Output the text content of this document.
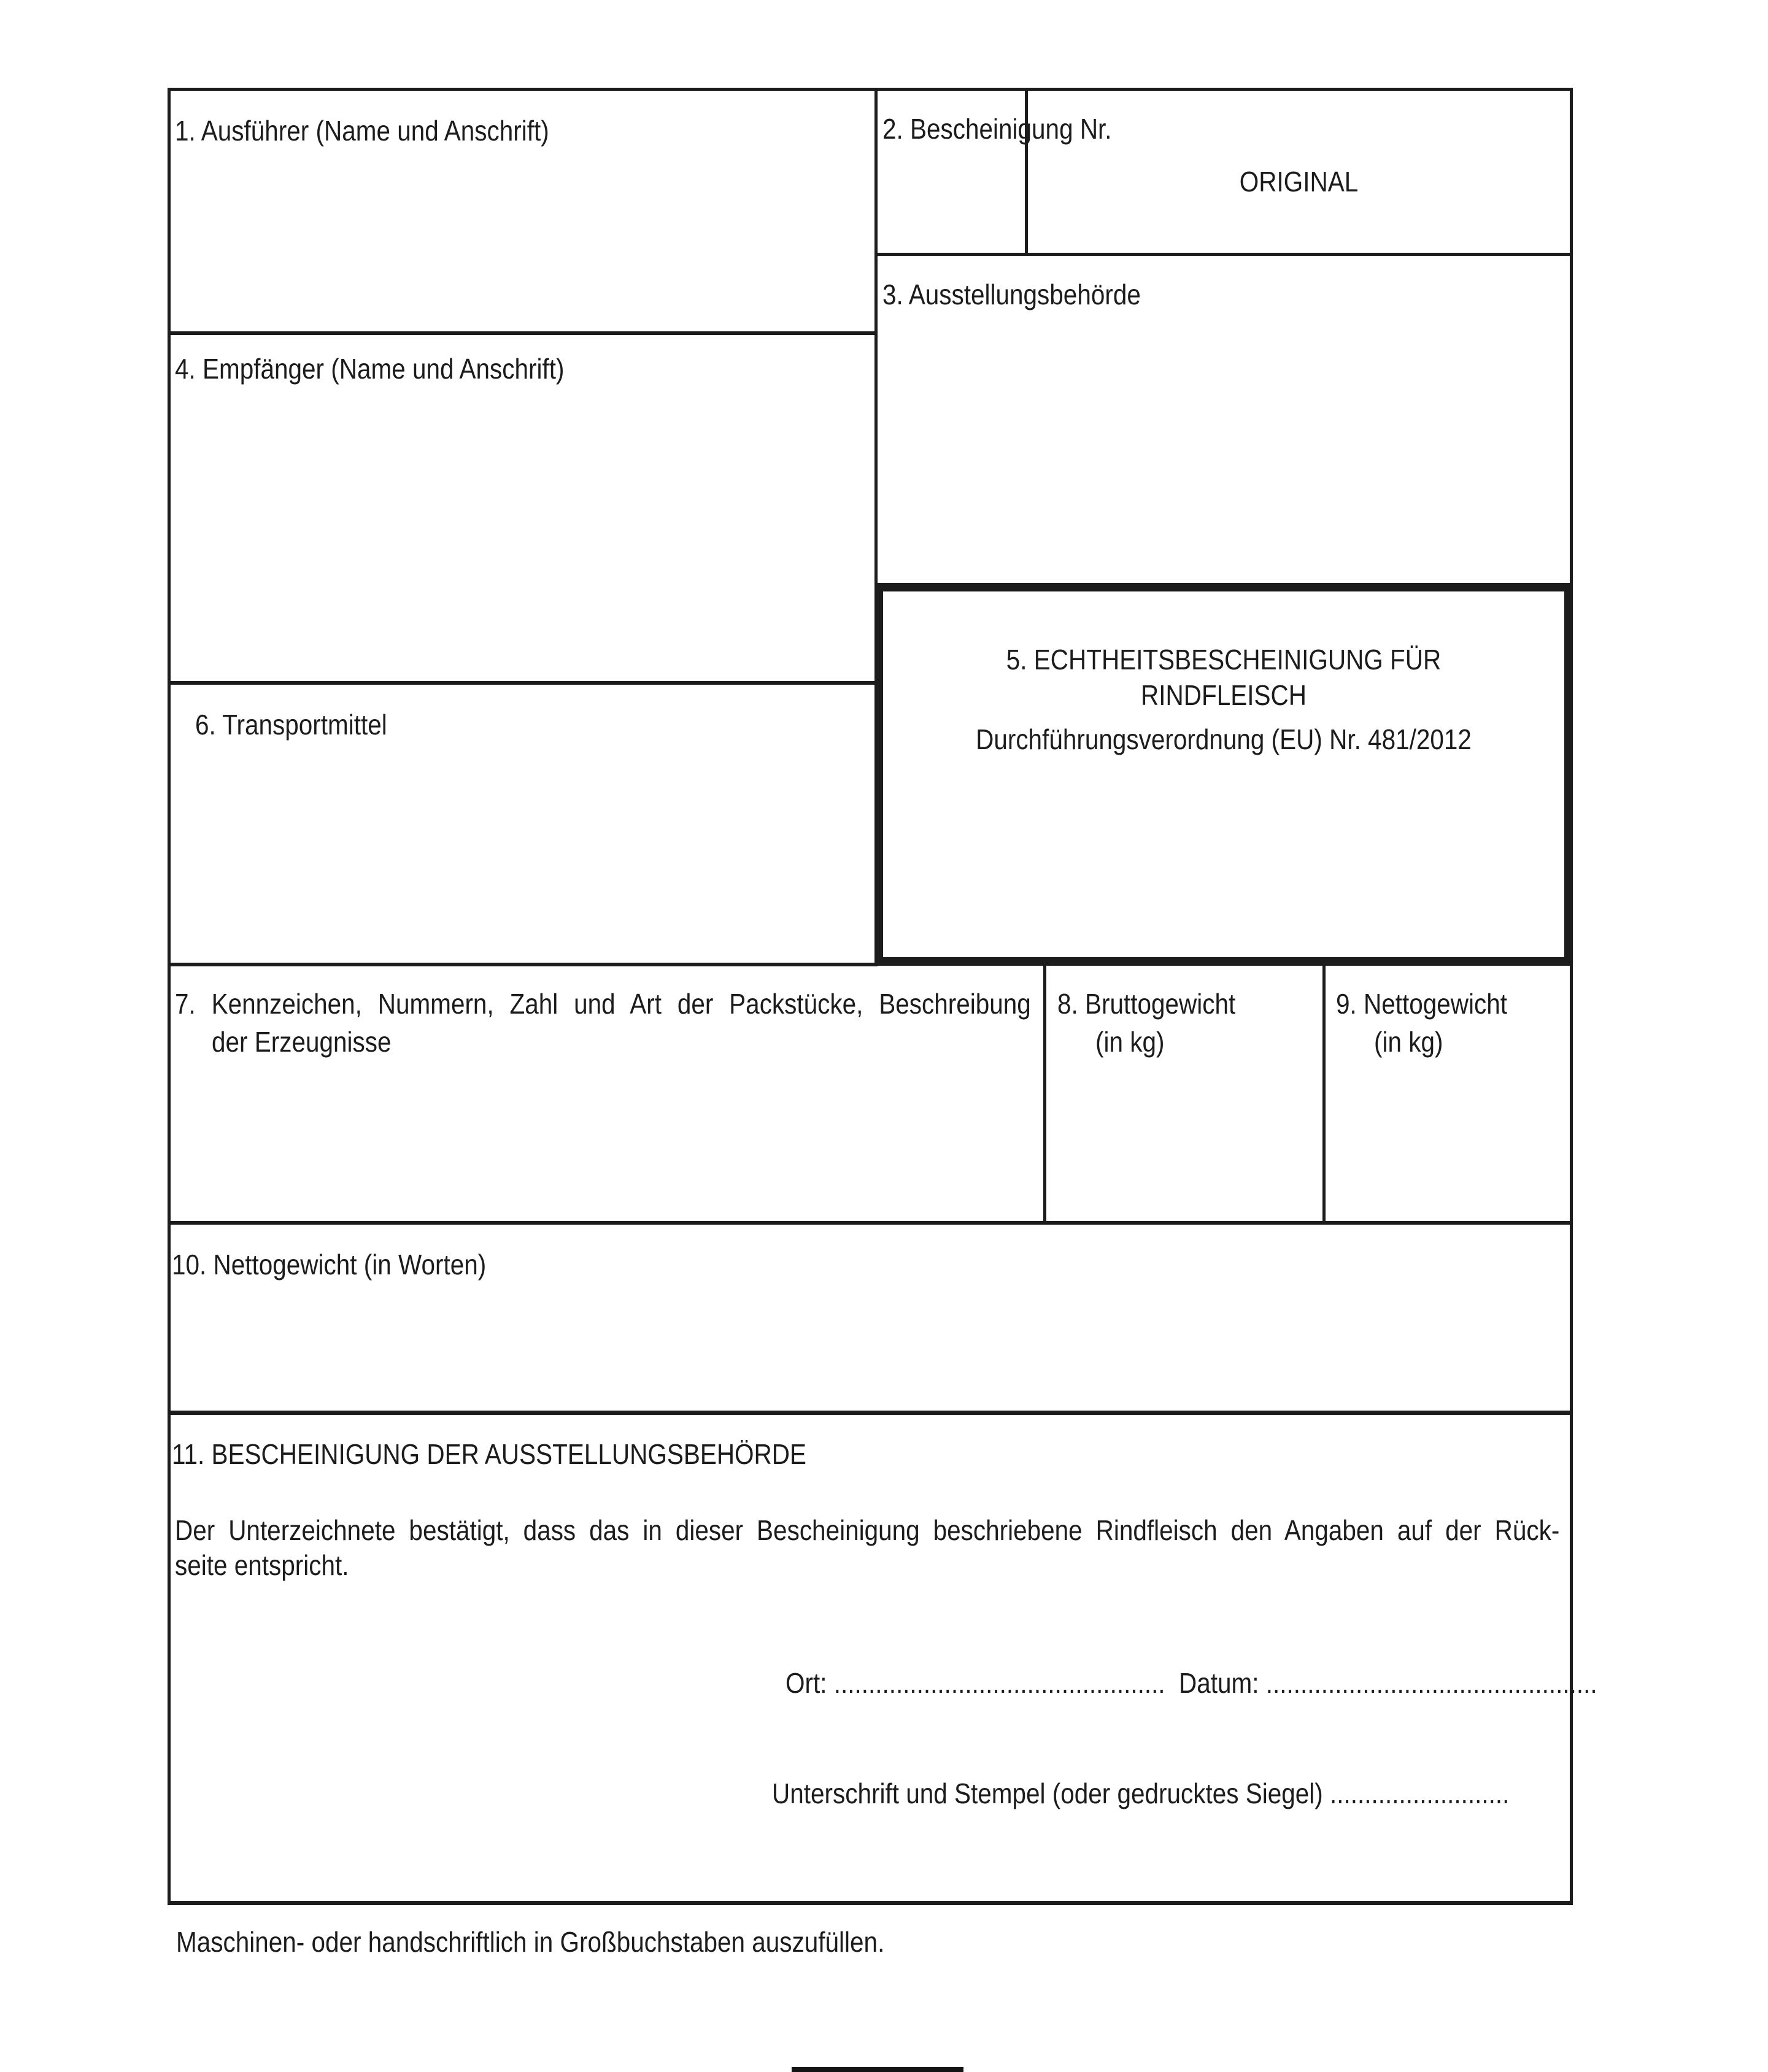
1. Ausführer (Name und Anschrift)	2. Bescheinigung Nr.
ORIGINAL
3. Ausstellungsbehörde
4. Empfänger (Name und Anschrift)
5. ECHTHEITSBESCHEINIGUNG FÜR
RINDFLEISCH
Durchführungsverordnung (EU) Nr. 481/2012
6. Transportmittel
7. Kennzeichen, Nummern, Zahl und Art der Packstücke, Beschreibung
der Erzeugnisse
8. Bruttogewicht
(in kg)
9. Nettogewicht
(in kg)
10. Nettogewicht (in Worten)
11. BESCHEINIGUNG DER AUSSTELLUNGSBEHÖRDE
Der Unterzeichnete bestätigt, dass das in dieser Bescheinigung beschriebene Rindfleisch den Angaben auf der Rück-
seite entspricht.
Ort: ................................................ Datum: ................................................
Unterschrift und Stempel (oder gedrucktes Siegel) ..........................
Maschinen- oder handschriftlich in Großbuchstaben auszufüllen.
